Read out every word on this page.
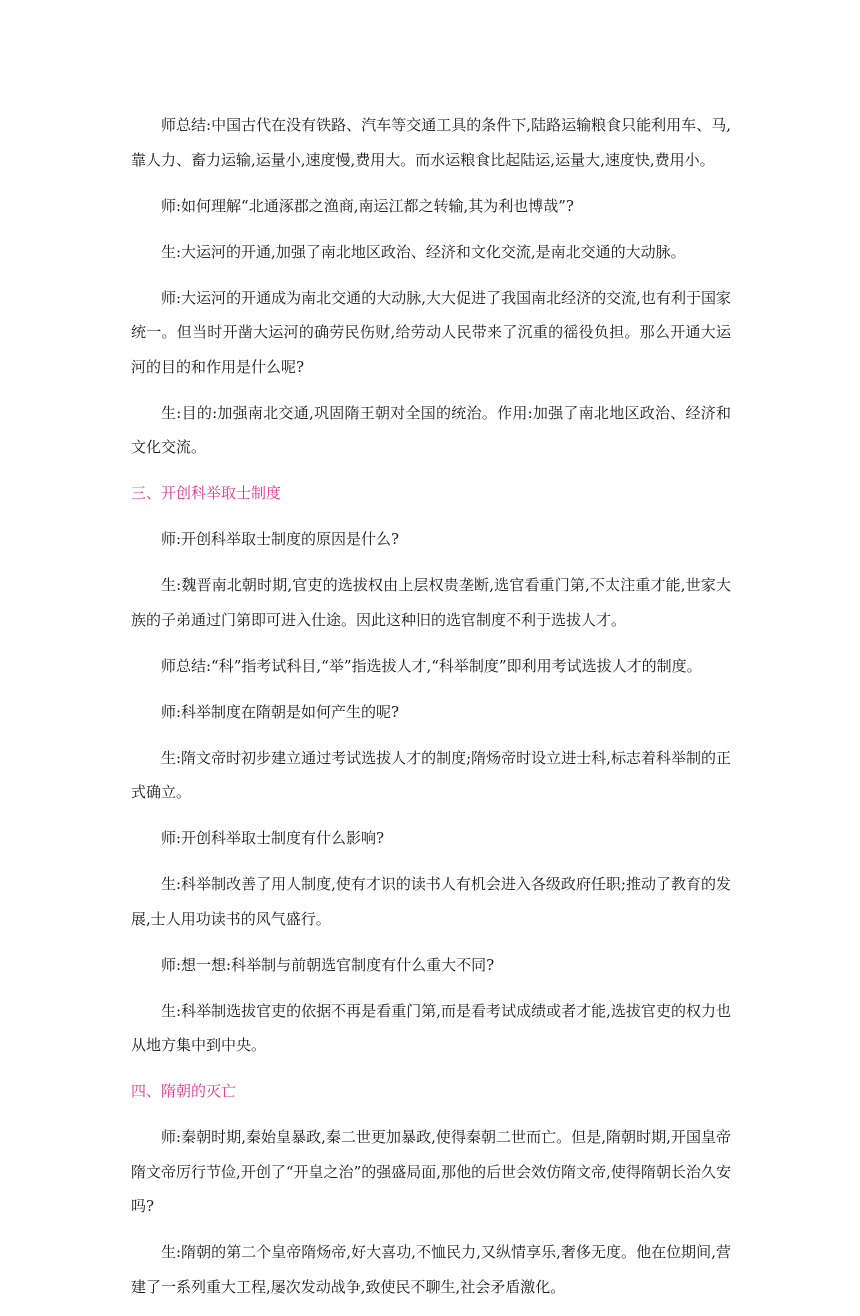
师总结:中国古代在没有铁路、汽车等交通工具的条件下,陆路运输粮食只能利用车、马,靠人力、畜力运输,运量小,速度慢,费用大。而水运粮食比起陆运,运量大,速度快,费用小。

师:如何理解“北通涿郡之渔商,南运江都之转输,其为利也博哉”?

生:大运河的开通,加强了南北地区政治、经济和文化交流,是南北交通的大动脉。

师:大运河的开通成为南北交通的大动脉,大大促进了我国南北经济的交流,也有利于国家统一。但当时开凿大运河的确劳民伤财,给劳动人民带来了沉重的徭役负担。那么开通大运河的目的和作用是什么呢?

生:目的:加强南北交通,巩固隋王朝对全国的统治。作用:加强了南北地区政治、经济和文化交流。

三、开创科举取士制度

师:开创科举取士制度的原因是什么?

生:魏晋南北朝时期,官吏的选拔权由上层权贵垄断,选官看重门第,不太注重才能,世家大族的子弟通过门第即可进入仕途。因此这种旧的选官制度不利于选拔人才。

师总结:“科”指考试科目,“举”指选拔人才,“科举制度”即利用考试选拔人才的制度。

师:科举制度在隋朝是如何产生的呢?

生:隋文帝时初步建立通过考试选拔人才的制度;隋炀帝时设立进士科,标志着科举制的正式确立。

师:开创科举取士制度有什么影响?

生:科举制改善了用人制度,使有才识的读书人有机会进入各级政府任职;推动了教育的发展,士人用功读书的风气盛行。

师:想一想:科举制与前朝选官制度有什么重大不同?

生:科举制选拔官吏的依据不再是看重门第,而是看考试成绩或者才能,选拔官吏的权力也从地方集中到中央。

四、隋朝的灭亡

师:秦朝时期,秦始皇暴政,秦二世更加暴政,使得秦朝二世而亡。但是,隋朝时期,开国皇帝隋文帝厉行节俭,开创了“开皇之治”的强盛局面,那他的后世会效仿隋文帝,使得隋朝长治久安吗?

生:隋朝的第二个皇帝隋炀帝,好大喜功,不恤民力,又纵情享乐,奢侈无度。他在位期间,营建了一系列重大工程,屡次发动战争,致使民不聊生,社会矛盾激化。
